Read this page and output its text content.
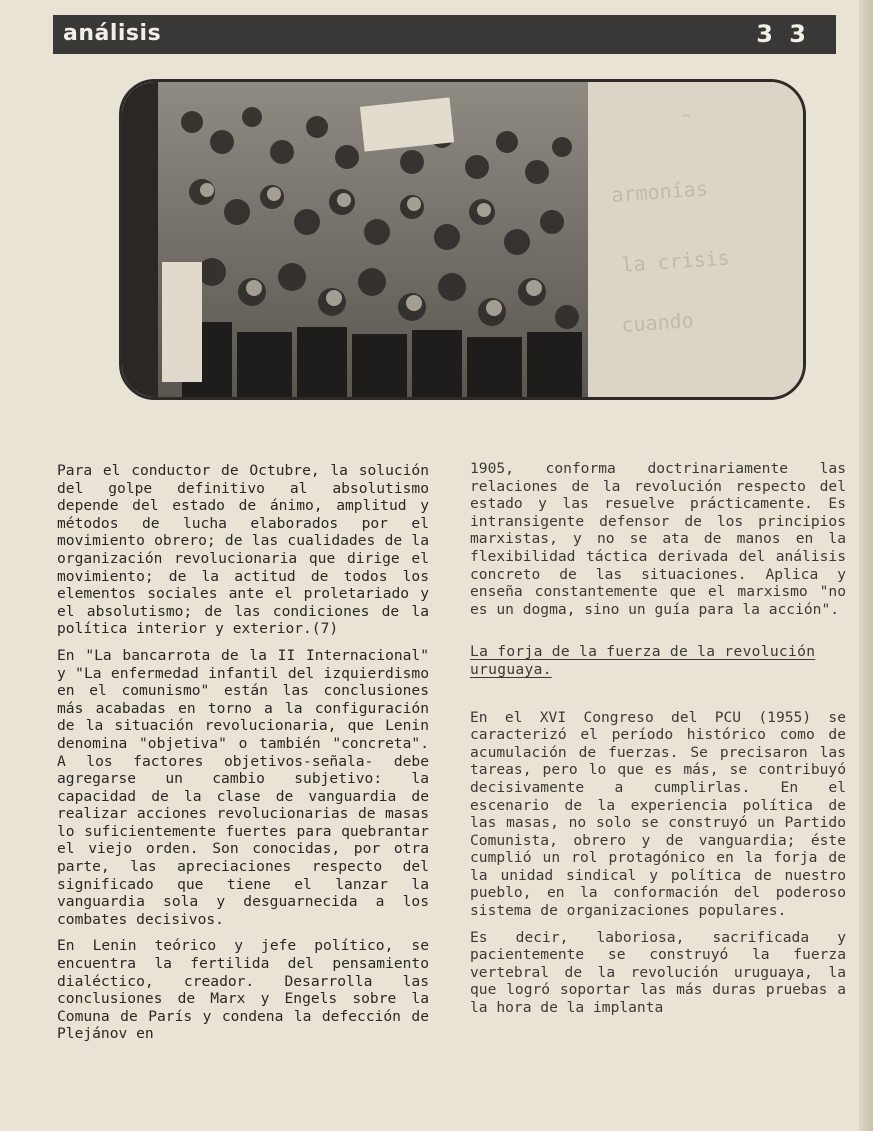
análisis	3 3
-
armonías
la crisis
cuando

Para el conductor de Octubre, la solución del golpe definitivo al absolutismo depende del estado de ánimo, amplitud y métodos de lucha elaborados por el movimiento obrero; de las cualidades de la organización revolucionaria que dirige el movimiento; de la actitud de todos los elementos sociales ante el proletariado y el absolutismo; de las condiciones de la política interior y exterior.(7)

En "La bancarrota de la II Internacional" y "La enfermedad infantil del izquierdismo en el comunismo" están las conclusiones más acabadas en torno a la configuración de la situación revolucionaria, que Lenin denomina "objetiva" o también "concreta". A los factores objetivos-señala- debe agregarse un cambio subjetivo: la capacidad de la clase de vanguardia de realizar acciones revolucionarias de masas lo suficientemente fuertes para quebrantar el viejo orden. Son conocidas, por otra parte, las apreciaciones respecto del significado que tiene el lanzar la vanguardia sola y desguarnecida a los combates decisivos.

En Lenin teórico y jefe político, se encuentra la fertilida del pensamiento dialéctico, creador. Desarrolla las conclusiones de Marx y Engels sobre la Comuna de París y condena la defección de Plejánov en

1905, conforma doctrinariamente las relaciones de la revolución respecto del estado y las resuelve prácticamente. Es intransigente defensor de los principios marxistas, y no se ata de manos en la flexibilidad táctica derivada del análisis concreto de las situaciones. Aplica y enseña constantemente que el marxismo "no es un dogma, sino un guía para la acción".

La forja de la fuerza de la revolución uruguaya.

En el XVI Congreso del PCU (1955) se caracterizó el período histórico como de acumulación de fuerzas. Se precisaron las tareas, pero lo que es más, se contribuyó decisivamente a cumplirlas. En el escenario de la experiencia política de las masas, no solo se construyó un Partido Comunista, obrero y de vanguardia; éste cumplió un rol protagónico en la forja de la unidad sindical y política de nuestro pueblo, en la conformación del poderoso sistema de organizaciones populares.

Es decir, laboriosa, sacrificada y pacientemente se construyó la fuerza vertebral de la revolución uruguaya, la que logró soportar las más duras pruebas a la hora de la implanta
